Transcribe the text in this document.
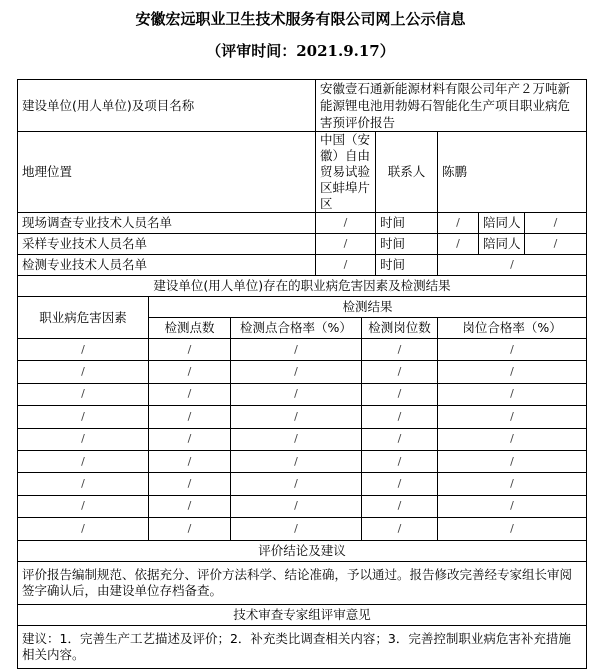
安徽宏远职业卫生技术服务有限公司网上公示信息
（评审时间：2021.9.17）
建设单位(用人单位)及项目名称			安徽壹石通新能源材料有限公司年产２万吨新能源锂电池用勃姆石智能化生产项目职业病危害预评价报告					
地理位置			中国（安徽）自由贸易试验区蚌埠片区		联系人	陈鹏		
现场调查专业技术人员名单			/		时间	/	陪同人	/
采样专业技术人员名单			/		时间	/	陪同人	/
检测专业技术人员名单			/		时间	/		
建设单位(用人单位)存在的职业病危害因素及检测结果								
职业病危害因素	检测结果							
	检测点数	检测点合格率（%）		检测岗位数		岗位合格率（%）		
/	/	/		/		/		
/	/	/		/		/		
/	/	/		/		/		
/	/	/		/		/		
/	/	/		/		/		
/	/	/		/		/		
/	/	/		/		/		
/	/	/		/		/		
/	/	/		/		/		
评价结论及建议								
评价报告编制规范、依据充分、评价方法科学、结论准确，予以通过。报告修改完善经专家组长审阅签字确认后，由建设单位存档备查。								
技术审查专家组评审意见								
建议：1．完善生产工艺描述及评价；2．补充类比调查相关内容；3．完善控制职业病危害补充措施相关内容。								
